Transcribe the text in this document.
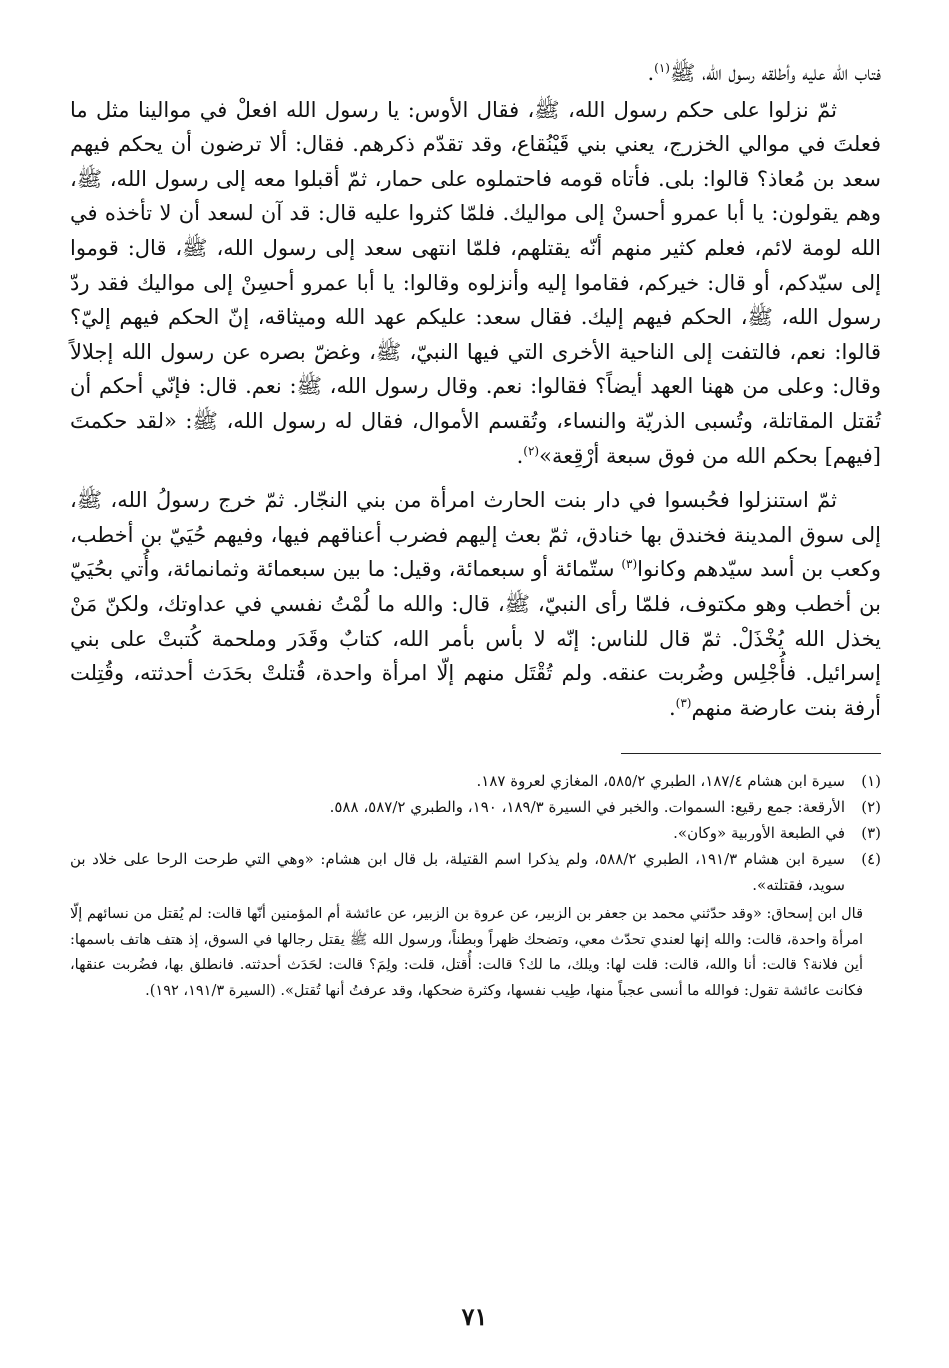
فتاب الله عليه وأطلقه رسول الله، ﷺ$^{(١)}$.

ثمّ نزلوا على حكم رسول الله، ﷺ، فقال الأوس: يا رسول الله افعلْ في موالينا مثل ما فعلتَ في موالي الخزرج، يعني بني قَيْنُقاع، وقد تقدّم ذكرهم. فقال: ألا ترضون أن يحكم فيهم سعد بن مُعاذ؟ قالوا: بلى. فأتاه قومه فاحتملوه على حمار، ثمّ أقبلوا معه إلى رسول الله، ﷺ، وهم يقولون: يا أبا عمرو أحسنْ إلى مواليك. فلمّا كثروا عليه قال: قد آن لسعد أن لا تأخذه في الله لومة لائم، فعلم كثير منهم أنّه يقتلهم، فلمّا انتهى سعد إلى رسول الله، ﷺ، قال: قوموا إلى سيّدكم، أو قال: خيركم، فقاموا إليه وأنزلوه وقالوا: يا أبا عمرو أحسِنْ إلى مواليك فقد ردّ رسول الله، ﷺ، الحكم فيهم إليك. فقال سعد: عليكم عهد الله وميثاقه، إنّ الحكم فيهم إليّ؟ قالوا: نعم، فالتفت إلى الناحية الأخرى التي فيها النبيّ، ﷺ، وغضّ بصره عن رسول الله إجلالاً وقال: وعلى من ههنا العهد أيضاً؟ فقالوا: نعم. وقال رسول الله، ﷺ: نعم. قال: فإنّي أحكم أن تُقتل المقاتلة، وتُسبى الذريّة والنساء، وتُقسم الأموال، فقال له رسول الله، ﷺ: «لقد حكمتَ [فيهم] بحكم الله من فوق سبعة أرْقِعة»$^{(٢)}$.

ثمّ استنزلوا فحُبسوا في دار بنت الحارث امرأة من بني النجّار. ثمّ خرج رسولُ الله، ﷺ، إلى سوق المدينة فخندق بها خنادق، ثمّ بعث إليهم فضرب أعناقهم فيها، وفيهم حُيَيّ بن أخطب، وكعب بن أسد سيّدهم وكانوا$^{(٣)}$ ستّمائة أو سبعمائة، وقيل: ما بين سبعمائة وثمانمائة، وأُتي بحُيَيّ بن أخطب وهو مكتوف، فلمّا رأى النبيّ، ﷺ، قال: والله ما لُمْتُ نفسي في عداوتك، ولكنّ مَنْ يخذل الله يُخْذَلْ. ثمّ قال للناس: إنّه لا بأس بأمر الله، كتابٌ وقَدَر وملحمة كُتبتْ على بني إسرائيل. فأُجْلِس وضُربت عنقه. ولم تُقْتَل منهم إلّا امرأة واحدة، قُتلتْ بحَدَث أحدثته، وقُتِلت أرفة بنت عارضة منهم$^{(٣)}$.

(١)
سيرة ابن هشام ١٨٧/٤، الطبري ٥٨٥/٢، المغازي لعروة ١٨٧.
(٢)
الأرقعة: جمع رقيع: السموات. والخبر في السيرة ١٨٩/٣، ١٩٠، والطبري ٥٨٧/٢، ٥٨٨.
(٣)
في الطبعة الأوربية «وكان».
(٤)
سيرة ابن هشام ١٩١/٣، الطبري ٥٨٨/٢، ولم يذكرا اسم القتيلة، بل قال ابن هشام: «وهي التي طرحت الرحا على خلاد بن سويد، فقتلته».
قال ابن إسحاق: «وقد حدّثني محمد بن جعفر بن الزبير، عن عروة بن الزبير، عن عائشة أم المؤمنين أنّها قالت: لم يُقتل من نسائهم إلّا امرأة واحدة، قالت: والله إنها لعندي تحدّث معي، وتضحك ظهراً وبطناً، ورسول الله ﷺ يقتل رجالها في السوق، إذ هتف هاتف باسمها: أين فلانة؟ قالت: أنا والله، قالت: قلت لها: ويلك، ما لك؟ قالت: أُقتل، قلت: ولِمَ؟ قالت: لحَدَث أحدثته. فانطلق بها، فضُربت عنقها، فكانت عائشة تقول: فوالله ما أنسى عجباً منها، طِيب نفسها، وكثرة ضحكها، وقد عرفتُ أنها تُقتل». (السيرة ١٩١/٣، ١٩٢).
٧١
